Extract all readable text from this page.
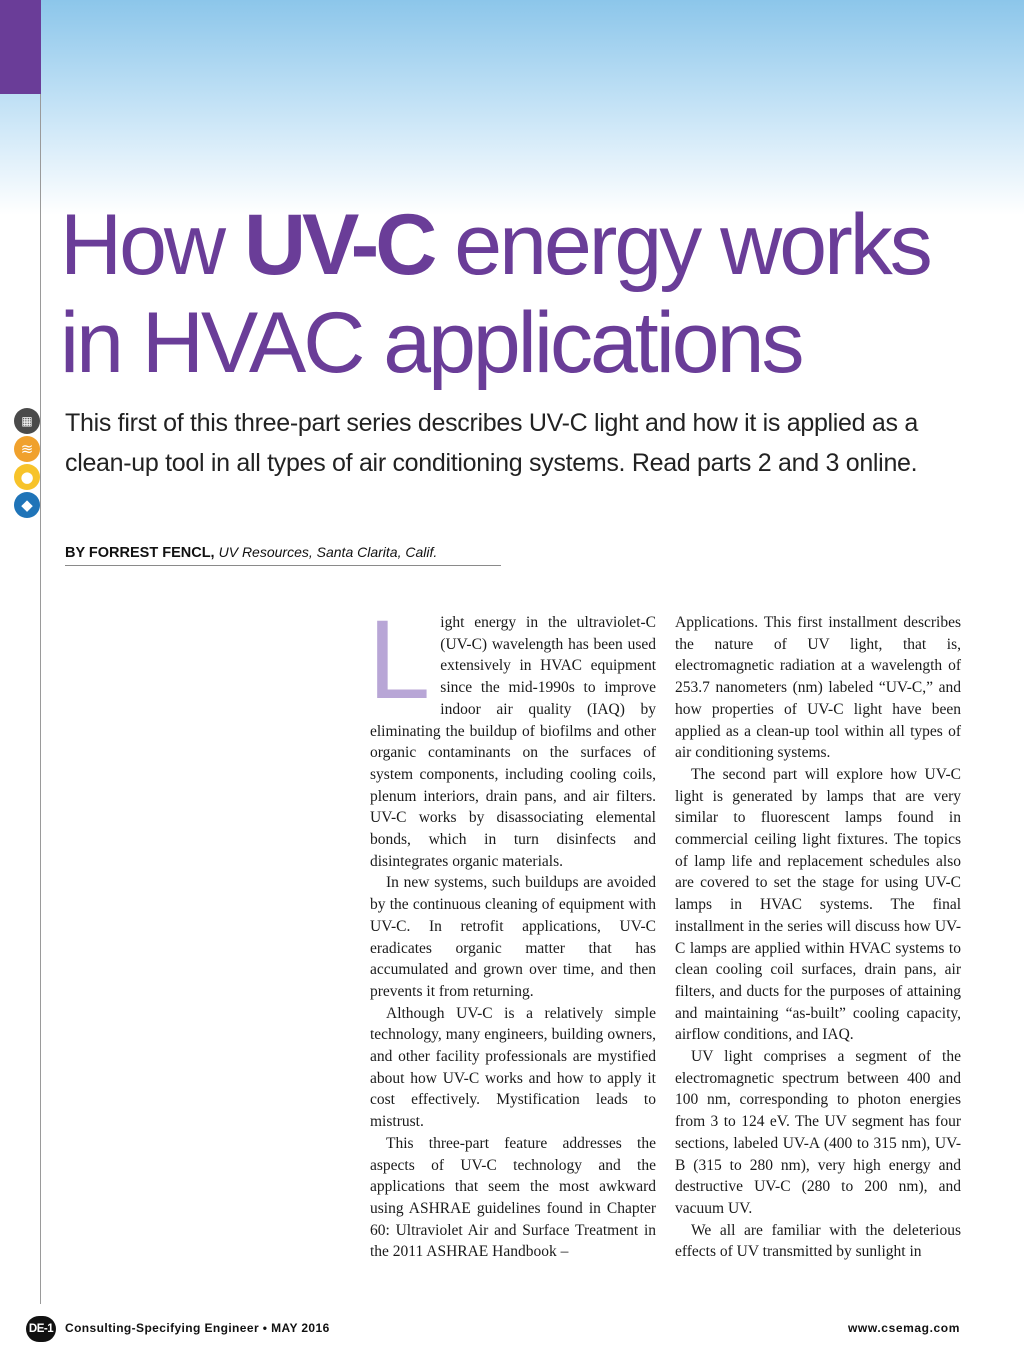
How UV-C energy works
in HVAC applications

This first of this three-part series describes UV-C light and how it is applied as a clean-up tool in all types of air conditioning systems. Read parts 2 and 3 online.

BY FORREST FENCL, UV Resources, Santa Clarita, Calif.
▦
≋
●
◆

Light energy in the ultraviolet-C (UV-C) wavelength has been used extensively in HVAC equipment since the mid-1990s to improve indoor air quality (IAQ) by eliminating the buildup of biofilms and other organic contaminants on the surfaces of system components, including cooling coils, plenum interiors, drain pans, and air filters. UV-C works by disassociating elemental bonds, which in turn disinfects and disintegrates organic materials.

In new systems, such buildups are avoided by the continuous cleaning of equipment with UV-C. In retrofit applications, UV-C eradicates organic matter that has accumulated and grown over time, and then prevents it from returning.

Although UV-C is a relatively simple technology, many engineers, building owners, and other facility professionals are mystified about how UV-C works and how to apply it cost effectively. Mystification leads to mistrust.

This three-part feature addresses the aspects of UV-C technology and the applications that seem the most awkward using ASHRAE guidelines found in Chapter 60: Ultraviolet Air and Surface Treatment in the 2011 ASHRAE Handbook –

Applications. This first installment describes the nature of UV light, that is, electromagnetic radiation at a wavelength of 253.7 nanometers (nm) labeled “UV-C,” and how properties of UV-C light have been applied as a clean-up tool within all types of air conditioning systems.

The second part will explore how UV-C light is generated by lamps that are very similar to fluorescent lamps found in commercial ceiling light fixtures. The topics of lamp life and replacement schedules also are covered to set the stage for using UV-C lamps in HVAC systems. The final installment in the series will discuss how UV-C lamps are applied within HVAC systems to clean cooling coil surfaces, drain pans, air filters, and ducts for the purposes of attaining and maintaining “as-built” cooling capacity, airflow conditions, and IAQ.

UV light comprises a segment of the electromagnetic spectrum between 400 and 100 nm, corresponding to photon energies from 3 to 124 eV. The UV segment has four sections, labeled UV-A (400 to 315 nm), UV-B (315 to 280 nm), very high energy and destructive UV-C (280 to 200 nm), and vacuum UV.

We all are familiar with the deleterious effects of UV transmitted by sunlight in

DE-1 Consulting-Specifying Engineer • MAY 2016	www.csemag.com
